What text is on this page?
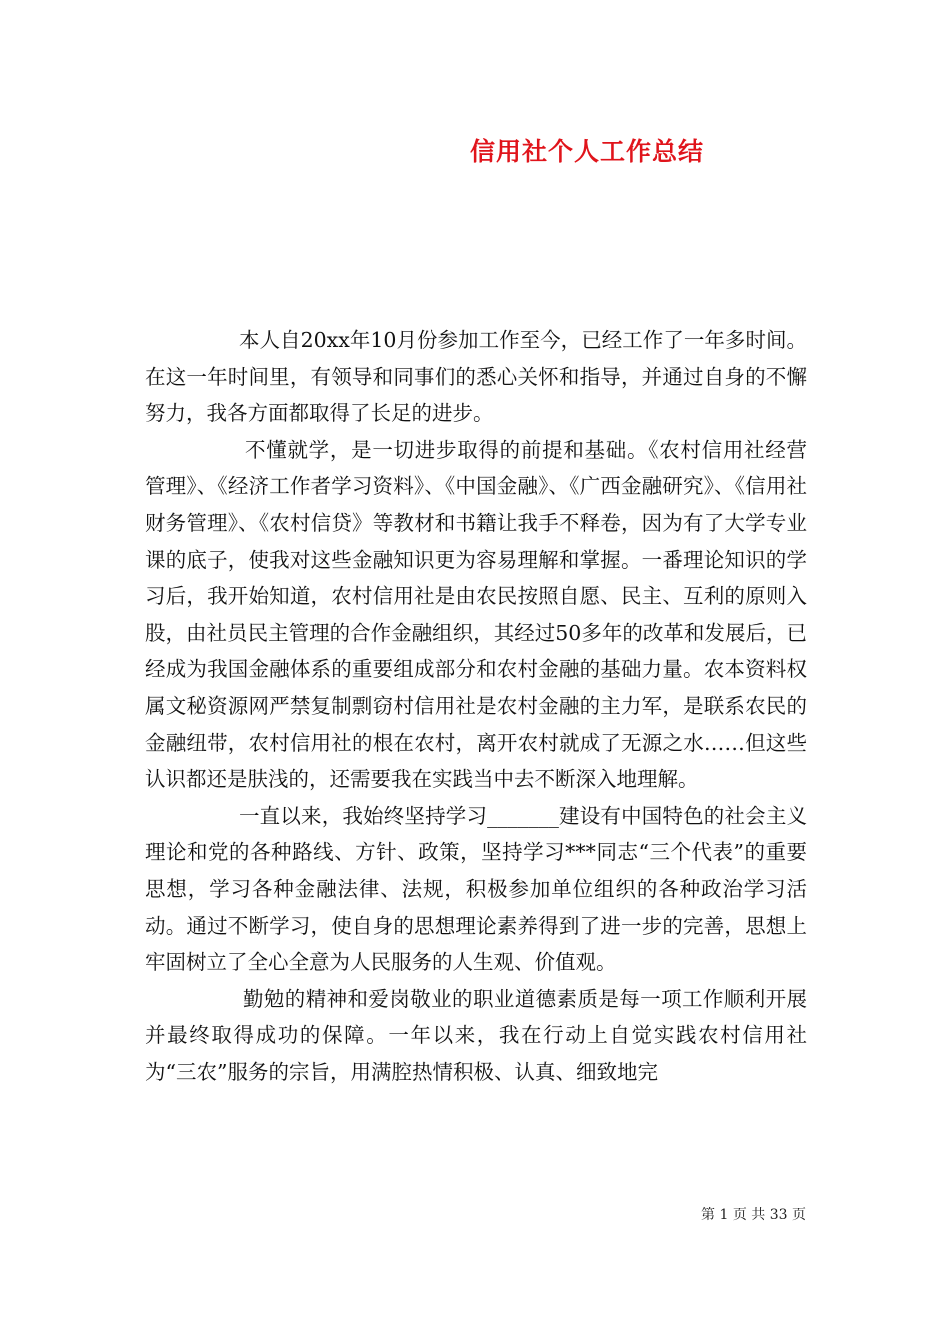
信用社个人工作总结

本人自20xx年10月份参加工作至今，已经工作了一年多时间。在这一年时间里，有领导和同事们的悉心关怀和指导，并通过自身的不懈努力，我各方面都取得了长足的进步。

不懂就学，是一切进步取得的前提和基础。《农村信用社经营管理》、《经济工作者学习资料》、《中国金融》、《广西金融研究》、《信用社财务管理》、《农村信贷》等教材和书籍让我手不释卷，因为有了大学专业课的底子，使我对这些金融知识更为容易理解和掌握。一番理论知识的学习后，我开始知道，农村信用社是由农民按照自愿、民主、互利的原则入股，由社员民主管理的合作金融组织，其经过50多年的改革和发展后，已经成为我国金融体系的重要组成部分和农村金融的基础力量。农本资料权属文秘资源网严禁复制剽窃村信用社是农村金融的主力军，是联系农民的金融纽带，农村信用社的根在农村，离开农村就成了无源之水……但这些认识都还是肤浅的，还需要我在实践当中去不断深入地理解。

一直以来，我始终坚持学习_______建设有中国特色的社会主义理论和党的各种路线、方针、政策，坚持学习***同志“三个代表”的重要思想，学习各种金融法律、法规，积极参加单位组织的各种政治学习活动。通过不断学习，使自身的思想理论素养得到了进一步的完善，思想上牢固树立了全心全意为人民服务的人生观、价值观。

勤勉的精神和爱岗敬业的职业道德素质是每一项工作顺利开展并最终取得成功的保障。一年以来，我在行动上自觉实践农村信用社为“三农”服务的宗旨，用满腔热情积极、认真、细致地完

第 1 页 共 33 页
